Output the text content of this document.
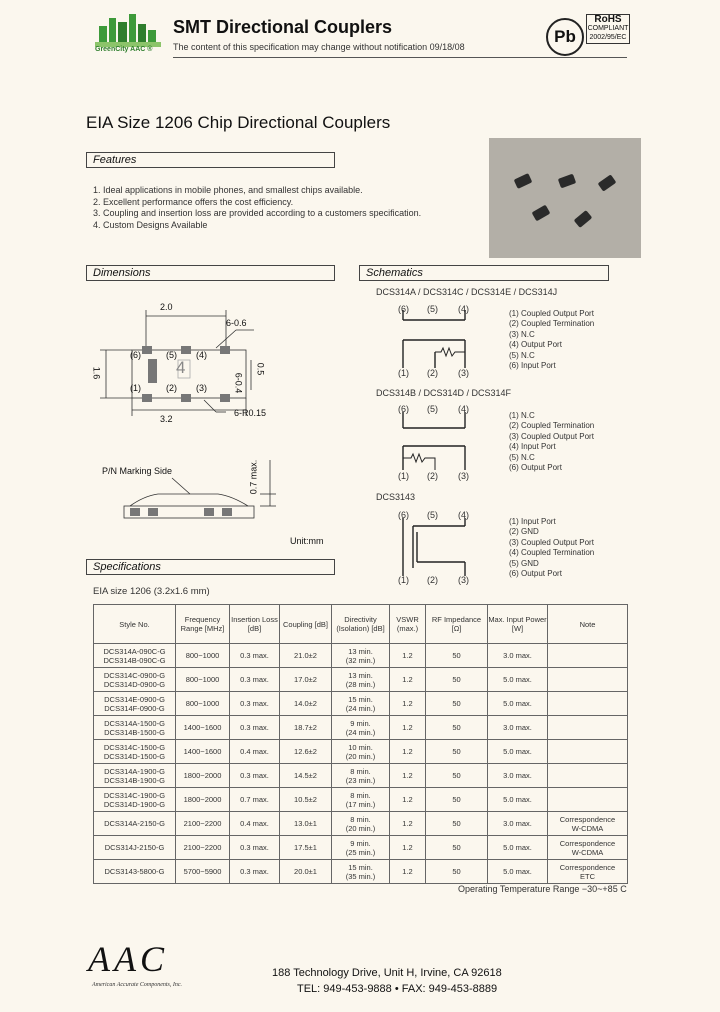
GreenCity AAC ®
SMT Directional Couplers
The content of this specification may change without notification 09/18/08
Pb
RoHS
COMPLIANT
2002/95/EC
EIA Size 1206 Chip Directional Couplers
Features
1. Ideal applications in mobile phones, and smallest chips available.
2. Excellent performance offers the cost efficiency.
3. Coupling and insertion loss are provided according to a customers specification.
4. Custom Designs Available
Dimensions
2.0
6-0.6
1.6	0.5
6-0.4
3.2
6-R0.15
(6)	(5) (4)
(1)	(2) (3)
4
P/N Marking Side	0.7 max.
Unit:mm
Schematics
DCS314A / DCS314C / DCS314E / DCS314J
(6) (5) (4)
(1) (2) (3)
(1) Coupled Output Port
(2) Coupled Termination
(3) N.C
(4) Output Port
(5) N.C
(6) Input Port
DCS314B / DCS314D / DCS314F
(6) (5) (4)
(1) (2) (3)
(1) N.C
(2) Coupled Termination
(3) Coupled Output Port
(4) Input Port
(5) N.C
(6) Output Port
DCS3143
(6) (5) (4)
(1) (2) (3)
(1) Input Port
(2) GND
(3) Coupled Output Port
(4) Coupled Termination
(5) GND
(6) Output Port
Specifications
EIA size 1206 (3.2x1.6 mm)
Style No.	Frequency Range [MHz]	Insertion Loss [dB]	Coupling [dB]	Directivity (Isolation) [dB]	VSWR (max.)	RF Impedance [Ω]	Max. Input Power [W]	Note
DCS314A-090C-G
DCS314B-090C-G	800~1000	0.3 max.	21.0±2	13 min.
(32 min.)	1.2	50	3.0 max.	
DCS314C-0900-G
DCS314D-0900-G	800~1000	0.3 max.	17.0±2	13 min.
(28 min.)	1.2	50	5.0 max.	
DCS314E-0900-G
DCS314F-0900-G	800~1000	0.3 max.	14.0±2	15 min.
(24 min.)	1.2	50	5.0 max.	
DCS314A-1500-G
DCS314B-1500-G	1400~1600	0.3 max.	18.7±2	9 min.
(24 min.)	1.2	50	3.0 max.	
DCS314C-1500-G
DCS314D-1500-G	1400~1600	0.4 max.	12.6±2	10 min.
(20 min.)	1.2	50	5.0 max.	
DCS314A-1900-G
DCS314B-1900-G	1800~2000	0.3 max.	14.5±2	8 min.
(23 min.)	1.2	50	3.0 max.	
DCS314C-1900-G
DCS314D-1900-G	1800~2000	0.7 max.	10.5±2	8 min.
(17 min.)	1.2	50	5.0 max.	
DCS314A-2150-G	2100~2200	0.4 max.	13.0±1	8 min.
(20 min.)	1.2	50	3.0 max.	Correspondence
W-CDMA
DCS314J-2150-G	2100~2200	0.3 max.	17.5±1	9 min.
(25 min.)	1.2	50	5.0 max.	Correspondence
W-CDMA
DCS3143-5800-G	5700~5900	0.3 max.	20.0±1	15 min.
(35 min.)	1.2	50	5.0 max.	Correspondence
ETC
Operating Temperature Range −30~+85 C
AAC
American Accurate Components, Inc.
188 Technology Drive, Unit H, Irvine, CA 92618
TEL: 949-453-9888 • FAX: 949-453-8889
